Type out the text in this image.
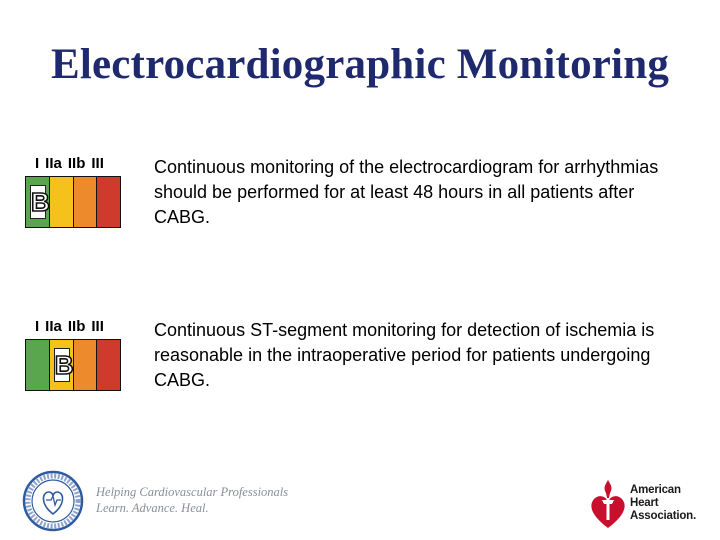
Electrocardiographic Monitoring
I IIa IIb III
B
Continuous monitoring of the electrocardiogram for arrhythmias should be performed for at least 48 hours in all patients after CABG.
I IIa IIb III
B
Continuous ST-segment monitoring for detection of ischemia is reasonable in the intraoperative period for patients undergoing CABG.
Helping Cardiovascular Professionals
Learn. Advance. Heal.
American
Heart
Association.
